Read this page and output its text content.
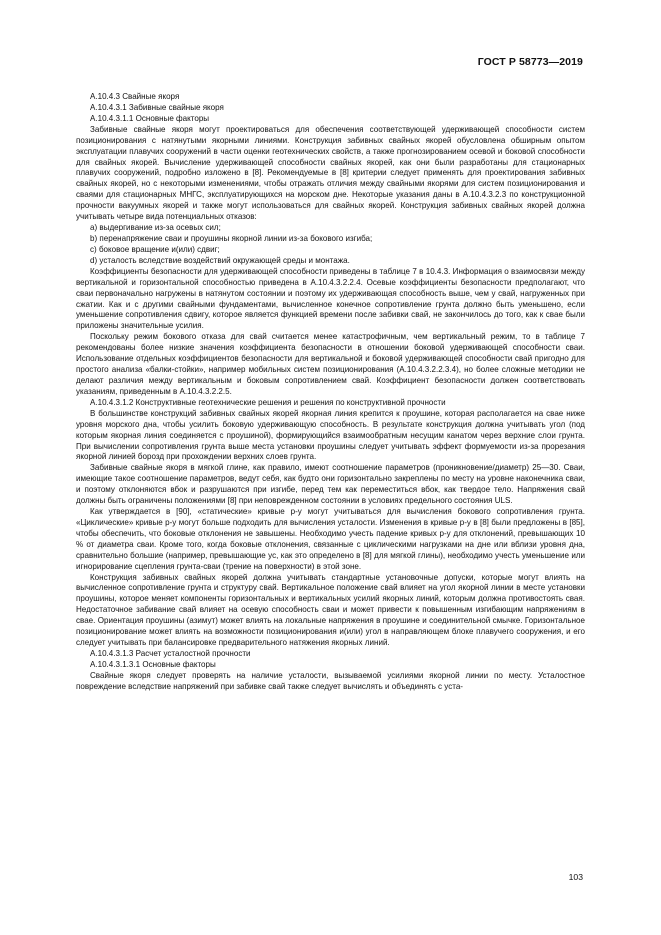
ГОСТ Р 58773—2019

А.10.4.3 Свайные якоря

А.10.4.3.1 Забивные свайные якоря

А.10.4.3.1.1 Основные факторы

Забивные свайные якоря могут проектироваться для обеспечения соответствующей удерживающей способности систем позиционирования с натянутыми якорными линиями. Конструкция забивных свайных якорей обусловлена обширным опытом эксплуатации плавучих сооружений в части оценки геотехнических свойств, а также прогнозированием осевой и боковой способности для свайных якорей. Вычисление удерживающей способности свайных якорей, как они были разработаны для стационарных плавучих сооружений, подробно изложено в [8]. Рекомендуемые в [8] критерии следует применять для проектирования забивных свайных якорей, но с некоторыми изменениями, чтобы отражать отличия между свайными якорями для систем позиционирования и сваями для стационарных МНГС, эксплуатирующихся на морском дне. Некоторые указания даны в А.10.4.3.2.3 по конструкционной прочности вакуумных якорей и также могут использоваться для свайных якорей. Конструкция забивных свайных якорей должна учитывать четыре вида потенциальных отказов:

a) выдергивание из-за осевых сил;

b) перенапряжение сваи и проушины якорной линии из-за бокового изгиба;

c) боковое вращение и(или) сдвиг;

d) усталость вследствие воздействий окружающей среды и монтажа.

Коэффициенты безопасности для удерживающей способности приведены в таблице 7 в 10.4.3. Информация о взаимосвязи между вертикальной и горизонтальной способностью приведена в А.10.4.3.2.2.4. Осевые коэффициенты безопасности предполагают, что сваи первоначально нагружены в натянутом состоянии и поэтому их удерживающая способность выше, чем у свай, нагруженных при сжатии. Как и с другими свайными фундаментами, вычисленное конечное сопротивление грунта должно быть уменьшено, если уменьшение сопротивления сдвигу, которое является функцией времени после забивки свай, не закончилось до того, как к свае были приложены значительные усилия.

Поскольку режим бокового отказа для свай считается менее катастрофичным, чем вертикальный режим, то в таблице 7 рекомендованы более низкие значения коэффициента безопасности в отношении боковой удерживающей способности сваи. Использование отдельных коэффициентов безопасности для вертикальной и боковой удерживающей способности свай пригодно для простого анализа «балки-стойки», например мобильных систем позиционирования (А.10.4.3.2.2.3.4), но более сложные методики не делают различия между вертикальным и боковым сопротивлением свай. Коэффициент безопасности должен соответствовать указаниям, приведенным в А.10.4.3.2.2.5.

А.10.4.3.1.2 Конструктивные геотехнические решения и решения по конструктивной прочности

В большинстве конструкций забивных свайных якорей якорная линия крепится к проушине, которая располагается на свае ниже уровня морского дна, чтобы усилить боковую удерживающую способность. В результате конструкция должна учитывать угол (под которым якорная линия соединяется с проушиной), формирующийся взаимообратным несущим канатом через верхние слои грунта. При вычислении сопротивления грунта выше места установки проушины следует учитывать эффект формуемости из-за прорезания якорной линией борозд при прохождении верхних слоев грунта.

Забивные свайные якоря в мягкой глине, как правило, имеют соотношение параметров (проникновение/диаметр) 25—30. Сваи, имеющие такое соотношение параметров, ведут себя, как будто они горизонтально закреплены по месту на уровне наконечника сваи, и поэтому отклоняются вбок и разрушаются при изгибе, перед тем как переместиться вбок, как твердое тело. Напряжения свай должны быть ограничены положениями [8] при неповрежденном состоянии в условиях предельного состояния ULS.

Как утверждается в [90], «статические» кривые p-y могут учитываться для вычисления бокового сопротивления грунта. «Циклические» кривые p-y могут больше подходить для вычисления усталости. Изменения в кривые p-y в [8] были предложены в [85], чтобы обеспечить, что боковые отклонения не завышены. Необходимо учесть падение кривых p-y для отклонений, превышающих 10 % от диаметра сваи. Кроме того, когда боковые отклонения, связанные с циклическими нагрузками на дне или вблизи уровня дна, сравнительно большие (например, превышающие yc, как это определено в [8] для мягкой глины), необходимо учесть уменьшение или игнорирование сцепления грунта-сваи (трение на поверхности) в этой зоне.

Конструкция забивных свайных якорей должна учитывать стандартные установочные допуски, которые могут влиять на вычисленное сопротивление грунта и структуру свай. Вертикальное положение свай влияет на угол якорной линии в месте установки проушины, которое меняет компоненты горизонтальных и вертикальных усилий якорных линий, которым должна противостоять свая. Недостаточное забивание свай влияет на осевую способность сваи и может привести к повышенным изгибающим напряжениям в свае. Ориентация проушины (азимут) может влиять на локальные напряжения в проушине и соединительной смычке. Горизонтальное позиционирование может влиять на возможности позиционирования и(или) угол в направляющем блоке плавучего сооружения, и его следует учитывать при балансировке предварительного натяжения якорных линий.

А.10.4.3.1.3 Расчет усталостной прочности

А.10.4.3.1.3.1 Основные факторы

Свайные якоря следует проверять на наличие усталости, вызываемой усилиями якорной линии по месту. Усталостное повреждение вследствие напряжений при забивке свай также следует вычислять и объединять с уста-

103
